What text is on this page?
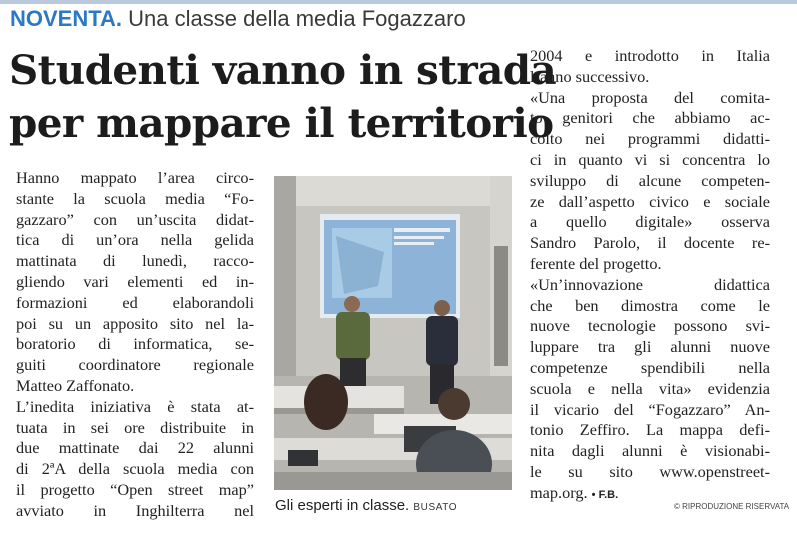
NOVENTA. Una classe della media Fogazzaro
Studenti vanno in strada
per mappare il territorio
Hanno mappato l’area circo-
stante la scuola media “Fo-
gazzaro” con un’uscita didat-
tica di un’ora nella gelida
mattinata di lunedì, racco-
gliendo vari elementi ed in-
formazioni ed elaborandoli
poi su un apposito sito nel la-
boratorio di informatica, se-
guiti coordinatore regionale
Matteo Zaffonato.
L’inedita iniziativa è stata at-
tuata in sei ore distribuite in
due mattinate dai 22 alunni
di 2ªA della scuola media con
il progetto “Open street map”
avviato in Inghilterra nel Gli esperti in classe. BUSATO
2004 e introdotto in Italia
l’anno successivo.
«Una proposta del comita-
to genitori che abbiamo ac-
colto nei programmi didatti-
ci in quanto vi si concentra lo
sviluppo di alcune competen-
ze dall’aspetto civico e sociale
a quello digitale» osserva
Sandro Parolo, il docente re-
ferente del progetto.
«Un’innovazione didattica
che ben dimostra come le
nuove tecnologie possono svi-
luppare tra gli alunni nuove
competenze spendibili nella
scuola e nella vita» evidenzia
il vicario del “Fogazzaro” An-
tonio Zeffiro. La mappa defi-
nita dagli alunni è visionabi-
le su sito www.openstreet-
map.org. • F.B.
© RIPRODUZIONE RISERVATA
